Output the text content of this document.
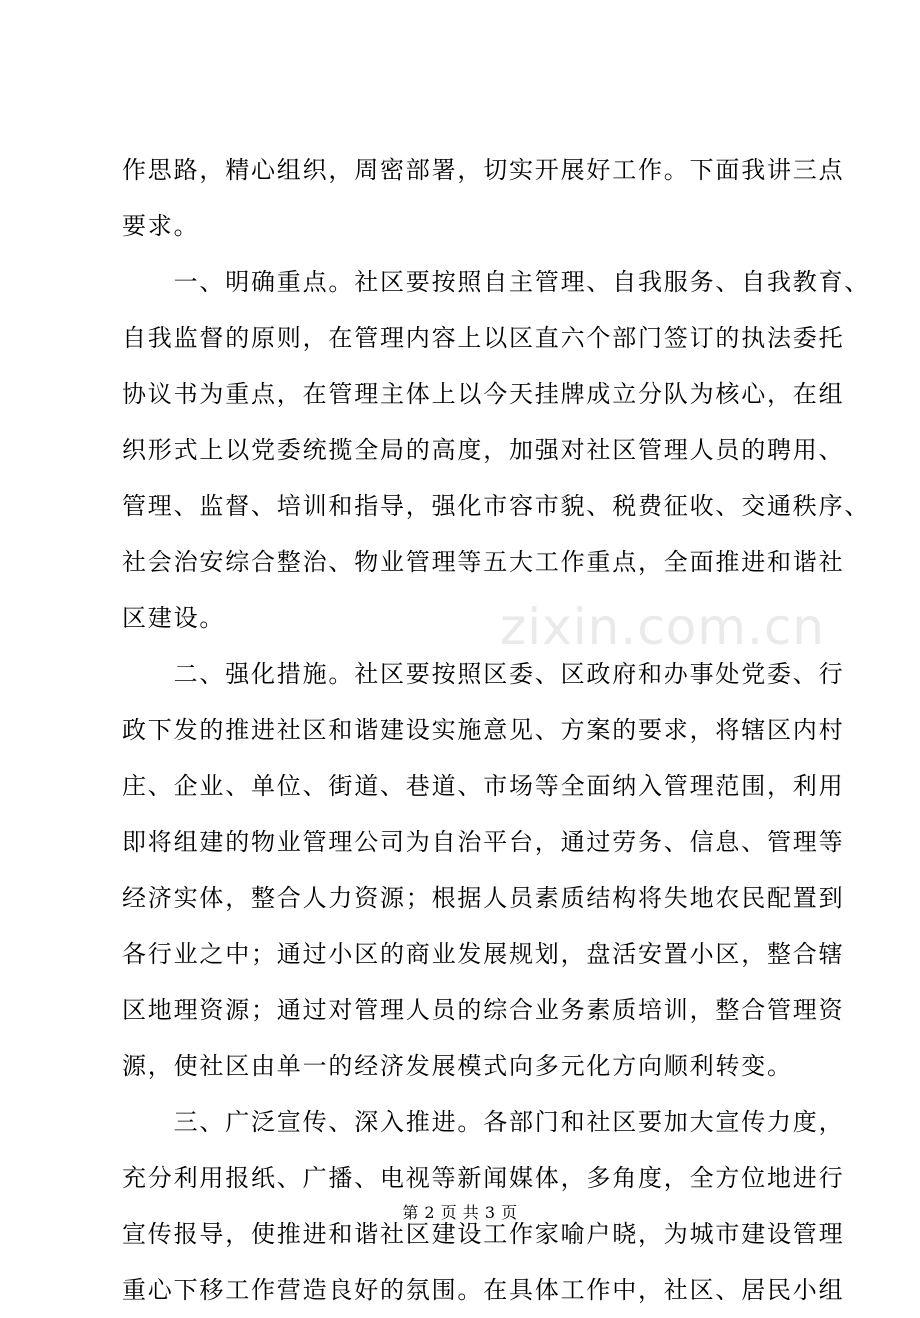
作思路，精心组织，周密部署，切实开展好工作。下面我讲三点
要求。
　　一、明确重点。社区要按照自主管理、自我服务、自我教育、
自我监督的原则，在管理内容上以区直六个部门签订的执法委托
协议书为重点，在管理主体上以今天挂牌成立分队为核心，在组
织形式上以党委统揽全局的高度，加强对社区管理人员的聘用、
管理、监督、培训和指导，强化市容市貌、税费征收、交通秩序、
社会治安综合整治、物业管理等五大工作重点，全面推进和谐社
区建设。
　　二、强化措施。社区要按照区委、区政府和办事处党委、行
政下发的推进社区和谐建设实施意见、方案的要求，将辖区内村
庄、企业、单位、街道、巷道、市场等全面纳入管理范围，利用
即将组建的物业管理公司为自治平台，通过劳务、信息、管理等
经济实体，整合人力资源；根据人员素质结构将失地农民配置到
各行业之中；通过小区的商业发展规划，盘活安置小区，整合辖
区地理资源；通过对管理人员的综合业务素质培训，整合管理资
源，使社区由单一的经济发展模式向多元化方向顺利转变。
　　三、广泛宣传、深入推进。各部门和社区要加大宣传力度，
充分利用报纸、广播、电视等新闻媒体，多角度，全方位地进行
宣传报导，使推进和谐社区建设工作家喻户晓，为城市建设管理
重心下移工作营造良好的氛围。在具体工作中，社区、居民小组
zixin.com.cn
第 2 页 共 3 页
